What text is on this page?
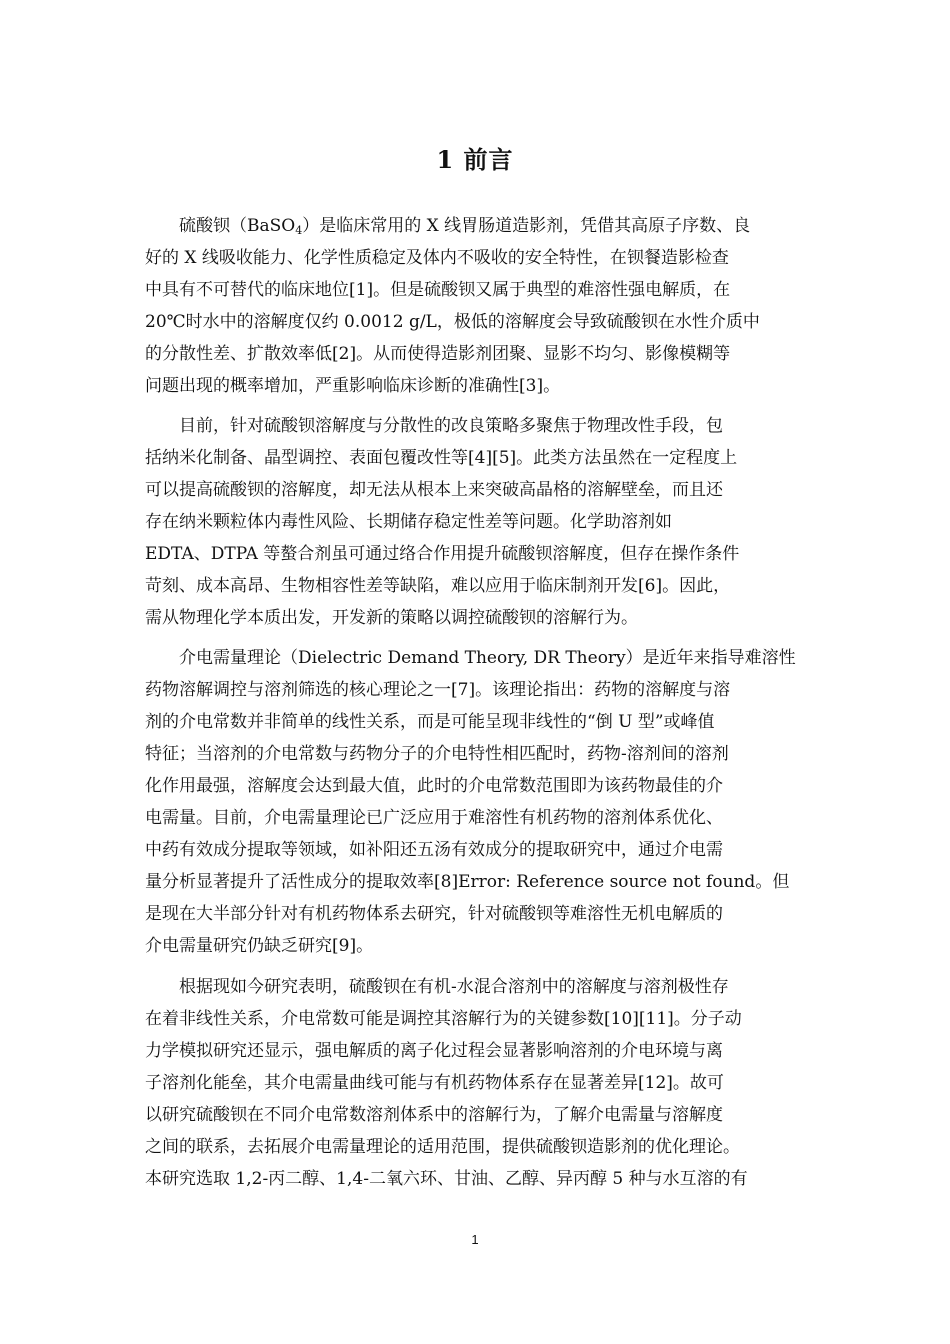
1 前言
硫酸钡（BaSO$_4$）是临床常用的 X 线胃肠道造影剂，凭借其高原子序数、良
好的 X 线吸收能力、化学性质稳定及体内不吸收的安全特性，在钡餐造影检查
中具有不可替代的临床地位[1]。但是硫酸钡又属于典型的难溶性强电解质，在
20℃时水中的溶解度仅约 0.0012 g/L，极低的溶解度会导致硫酸钡在水性介质中
的分散性差、扩散效率低[2]。从而使得造影剂团聚、显影不均匀、影像模糊等
问题出现的概率增加，严重影响临床诊断的准确性[3]。
目前，针对硫酸钡溶解度与分散性的改良策略多聚焦于物理改性手段，包
括纳米化制备、晶型调控、表面包覆改性等[4][5]。此类方法虽然在一定程度上
可以提高硫酸钡的溶解度，却无法从根本上来突破高晶格的溶解壁垒，而且还
存在纳米颗粒体内毒性风险、长期储存稳定性差等问题。化学助溶剂如
EDTA、DTPA 等螯合剂虽可通过络合作用提升硫酸钡溶解度，但存在操作条件
苛刻、成本高昂、生物相容性差等缺陷，难以应用于临床制剂开发[6]。因此，
需从物理化学本质出发，开发新的策略以调控硫酸钡的溶解行为。
介电需量理论（Dielectric Demand Theory, DR Theory）是近年来指导难溶性
药物溶解调控与溶剂筛选的核心理论之一[7]。该理论指出：药物的溶解度与溶
剂的介电常数并非简单的线性关系，而是可能呈现非线性的“倒 U 型”或峰值
特征；当溶剂的介电常数与药物分子的介电特性相匹配时，药物-溶剂间的溶剂
化作用最强，溶解度会达到最大值，此时的介电常数范围即为该药物最佳的介
电需量。目前，介电需量理论已广泛应用于难溶性有机药物的溶剂体系优化、
中药有效成分提取等领域，如补阳还五汤有效成分的提取研究中，通过介电需
量分析显著提升了活性成分的提取效率[8]Error: Reference source not found。但
是现在大半部分针对有机药物体系去研究，针对硫酸钡等难溶性无机电解质的
介电需量研究仍缺乏研究[9]。
根据现如今研究表明，硫酸钡在有机-水混合溶剂中的溶解度与溶剂极性存
在着非线性关系，介电常数可能是调控其溶解行为的关键参数[10][11]。分子动
力学模拟研究还显示，强电解质的离子化过程会显著影响溶剂的介电环境与离
子溶剂化能垒，其介电需量曲线可能与有机药物体系存在显著差异[12]。故可
以研究硫酸钡在不同介电常数溶剂体系中的溶解行为，了解介电需量与溶解度
之间的联系，去拓展介电需量理论的适用范围，提供硫酸钡造影剂的优化理论。
本研究选取 1,2-丙二醇、1,4-二氧六环、甘油、乙醇、异丙醇 5 种与水互溶的有
1
